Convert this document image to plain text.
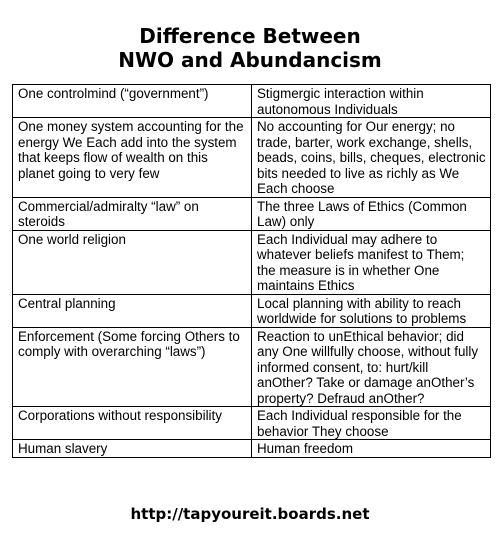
Difference Between
NWO and Abundancism
One controlmind (“government”)	Stigmergic interaction within autonomous Individuals
One money system accounting for the energy We Each add into the system that keeps flow of wealth on this planet going to very few	No accounting for Our energy; no trade, barter, work exchange, shells, beads, coins, bills, cheques, electronic bits needed to live as richly as We Each choose
Commercial/admiralty “law” on steroids	The three Laws of Ethics (Common Law) only
One world religion	Each Individual may adhere to whatever beliefs manifest to Them; the measure is in whether One maintains Ethics
Central planning	Local planning with ability to reach worldwide for solutions to problems
Enforcement (Some forcing Others to comply with overarching “laws”)	Reaction to unEthical behavior; did any One willfully choose, without fully informed consent, to: hurt/kill anOther? Take or damage anOther’s property? Defraud anOther?
Corporations without responsibility	Each Individual responsible for the behavior They choose
Human slavery	Human freedom
http://tapyoureit.boards.net
